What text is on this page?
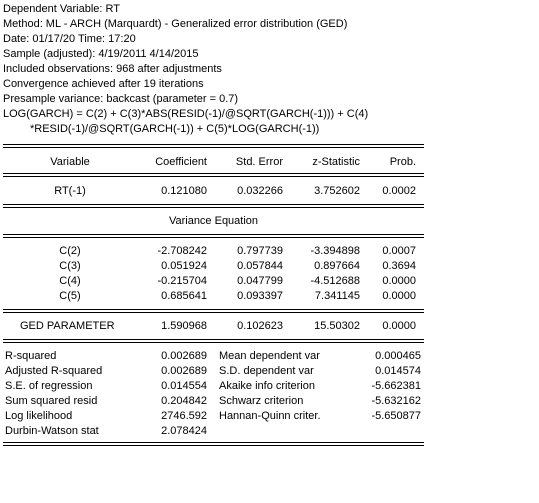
Dependent Variable: RT
Method: ML - ARCH (Marquardt) - Generalized error distribution (GED)
Date: 01/17/20 Time: 17:20
Sample (adjusted): 4/19/2011 4/14/2015
Included observations: 968 after adjustments
Convergence achieved after 19 iterations
Presample variance: backcast (parameter = 0.7)
LOG(GARCH) = C(2) + C(3)*ABS(RESID(-1)/@SQRT(GARCH(-1))) + C(4)
*RESID(-1)/@SQRT(GARCH(-1)) + C(5)*LOG(GARCH(-1))
Variable	Coefficient	Std. Error	z-Statistic	Prob.
RT(-1)	0.121080	0.032266	3.752602	0.0002
Variance Equation
C(2)	-2.708242	0.797739	-3.394898	0.0007
C(3)	0.051924	0.057844	0.897664	0.3694
C(4)	-0.215704	0.047799	-4.512688	0.0000
C(5)	0.685641	0.093397	7.341145	0.0000
GED PARAMETER	1.590968	0.102623	15.50302	0.0000
R-squared	0.002689 Mean dependent var	0.000465
Adjusted R-squared	0.002689 S.D. dependent var	0.014574
S.E. of regression	0.014554 Akaike info criterion	-5.662381
Sum squared resid	0.204842 Schwarz criterion	-5.632162
Log likelihood	2746.592 Hannan-Quinn criter.	-5.650877
Durbin-Watson stat	2.078424
